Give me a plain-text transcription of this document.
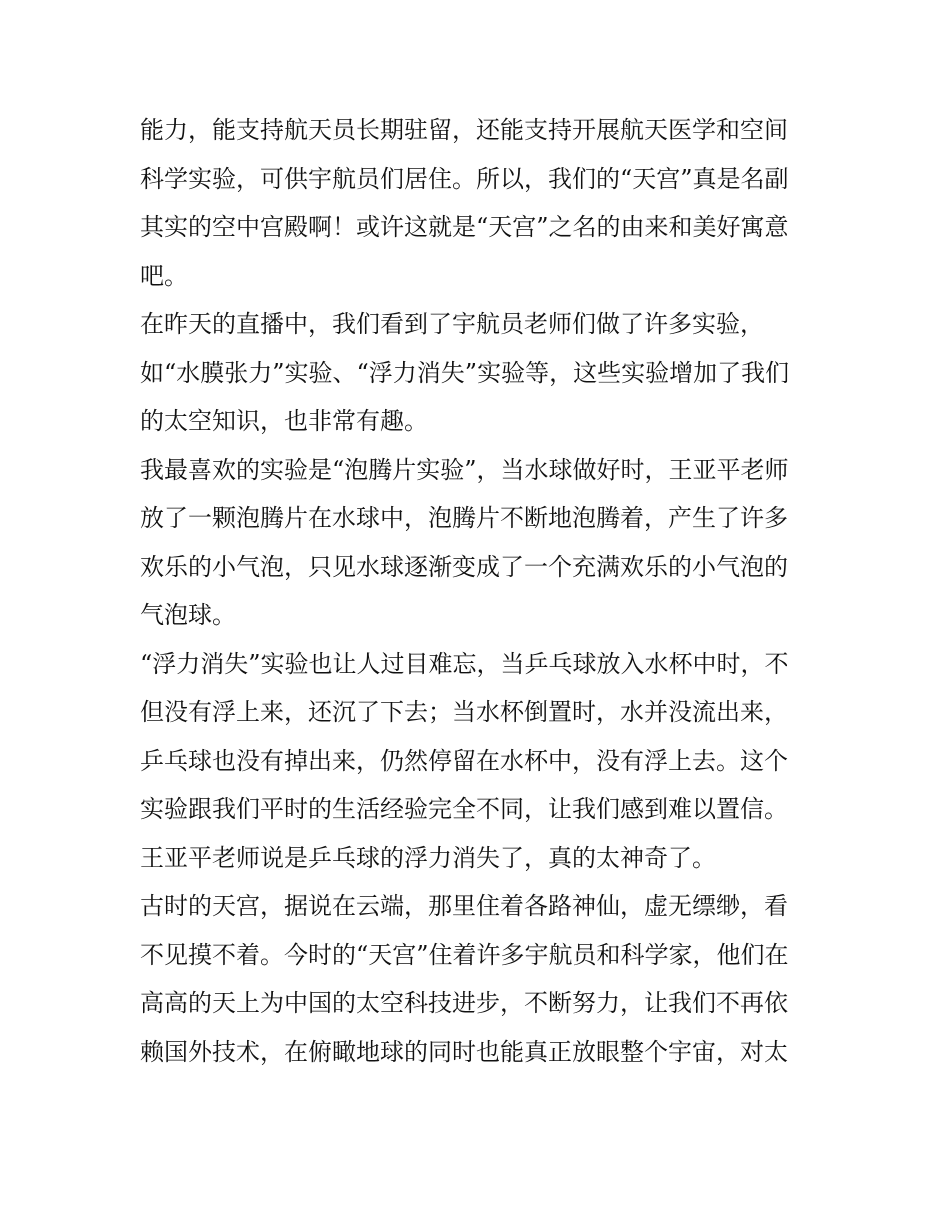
能力，能支持航天员长期驻留，还能支持开展航天医学和空间
科学实验，可供宇航员们居住。所以，我们的“天宫”真是名副
其实的空中宫殿啊！或许这就是“天宫”之名的由来和美好寓意
吧。
在昨天的直播中，我们看到了宇航员老师们做了许多实验，
如“水膜张力”实验、“浮力消失”实验等，这些实验增加了我们
的太空知识，也非常有趣。
我最喜欢的实验是“泡腾片实验”，当水球做好时，王亚平老师
放了一颗泡腾片在水球中，泡腾片不断地泡腾着，产生了许多
欢乐的小气泡，只见水球逐渐变成了一个充满欢乐的小气泡的
气泡球。
“浮力消失”实验也让人过目难忘，当乒乓球放入水杯中时，不
但没有浮上来，还沉了下去；当水杯倒置时，水并没流出来，
乒乓球也没有掉出来，仍然停留在水杯中，没有浮上去。这个
实验跟我们平时的生活经验完全不同，让我们感到难以置信。
王亚平老师说是乒乓球的浮力消失了，真的太神奇了。
古时的天宫，据说在云端，那里住着各路神仙，虚无缥缈，看
不见摸不着。今时的“天宫”住着许多宇航员和科学家，他们在
高高的天上为中国的太空科技进步，不断努力，让我们不再依
赖国外技术，在俯瞰地球的同时也能真正放眼整个宇宙，对太
